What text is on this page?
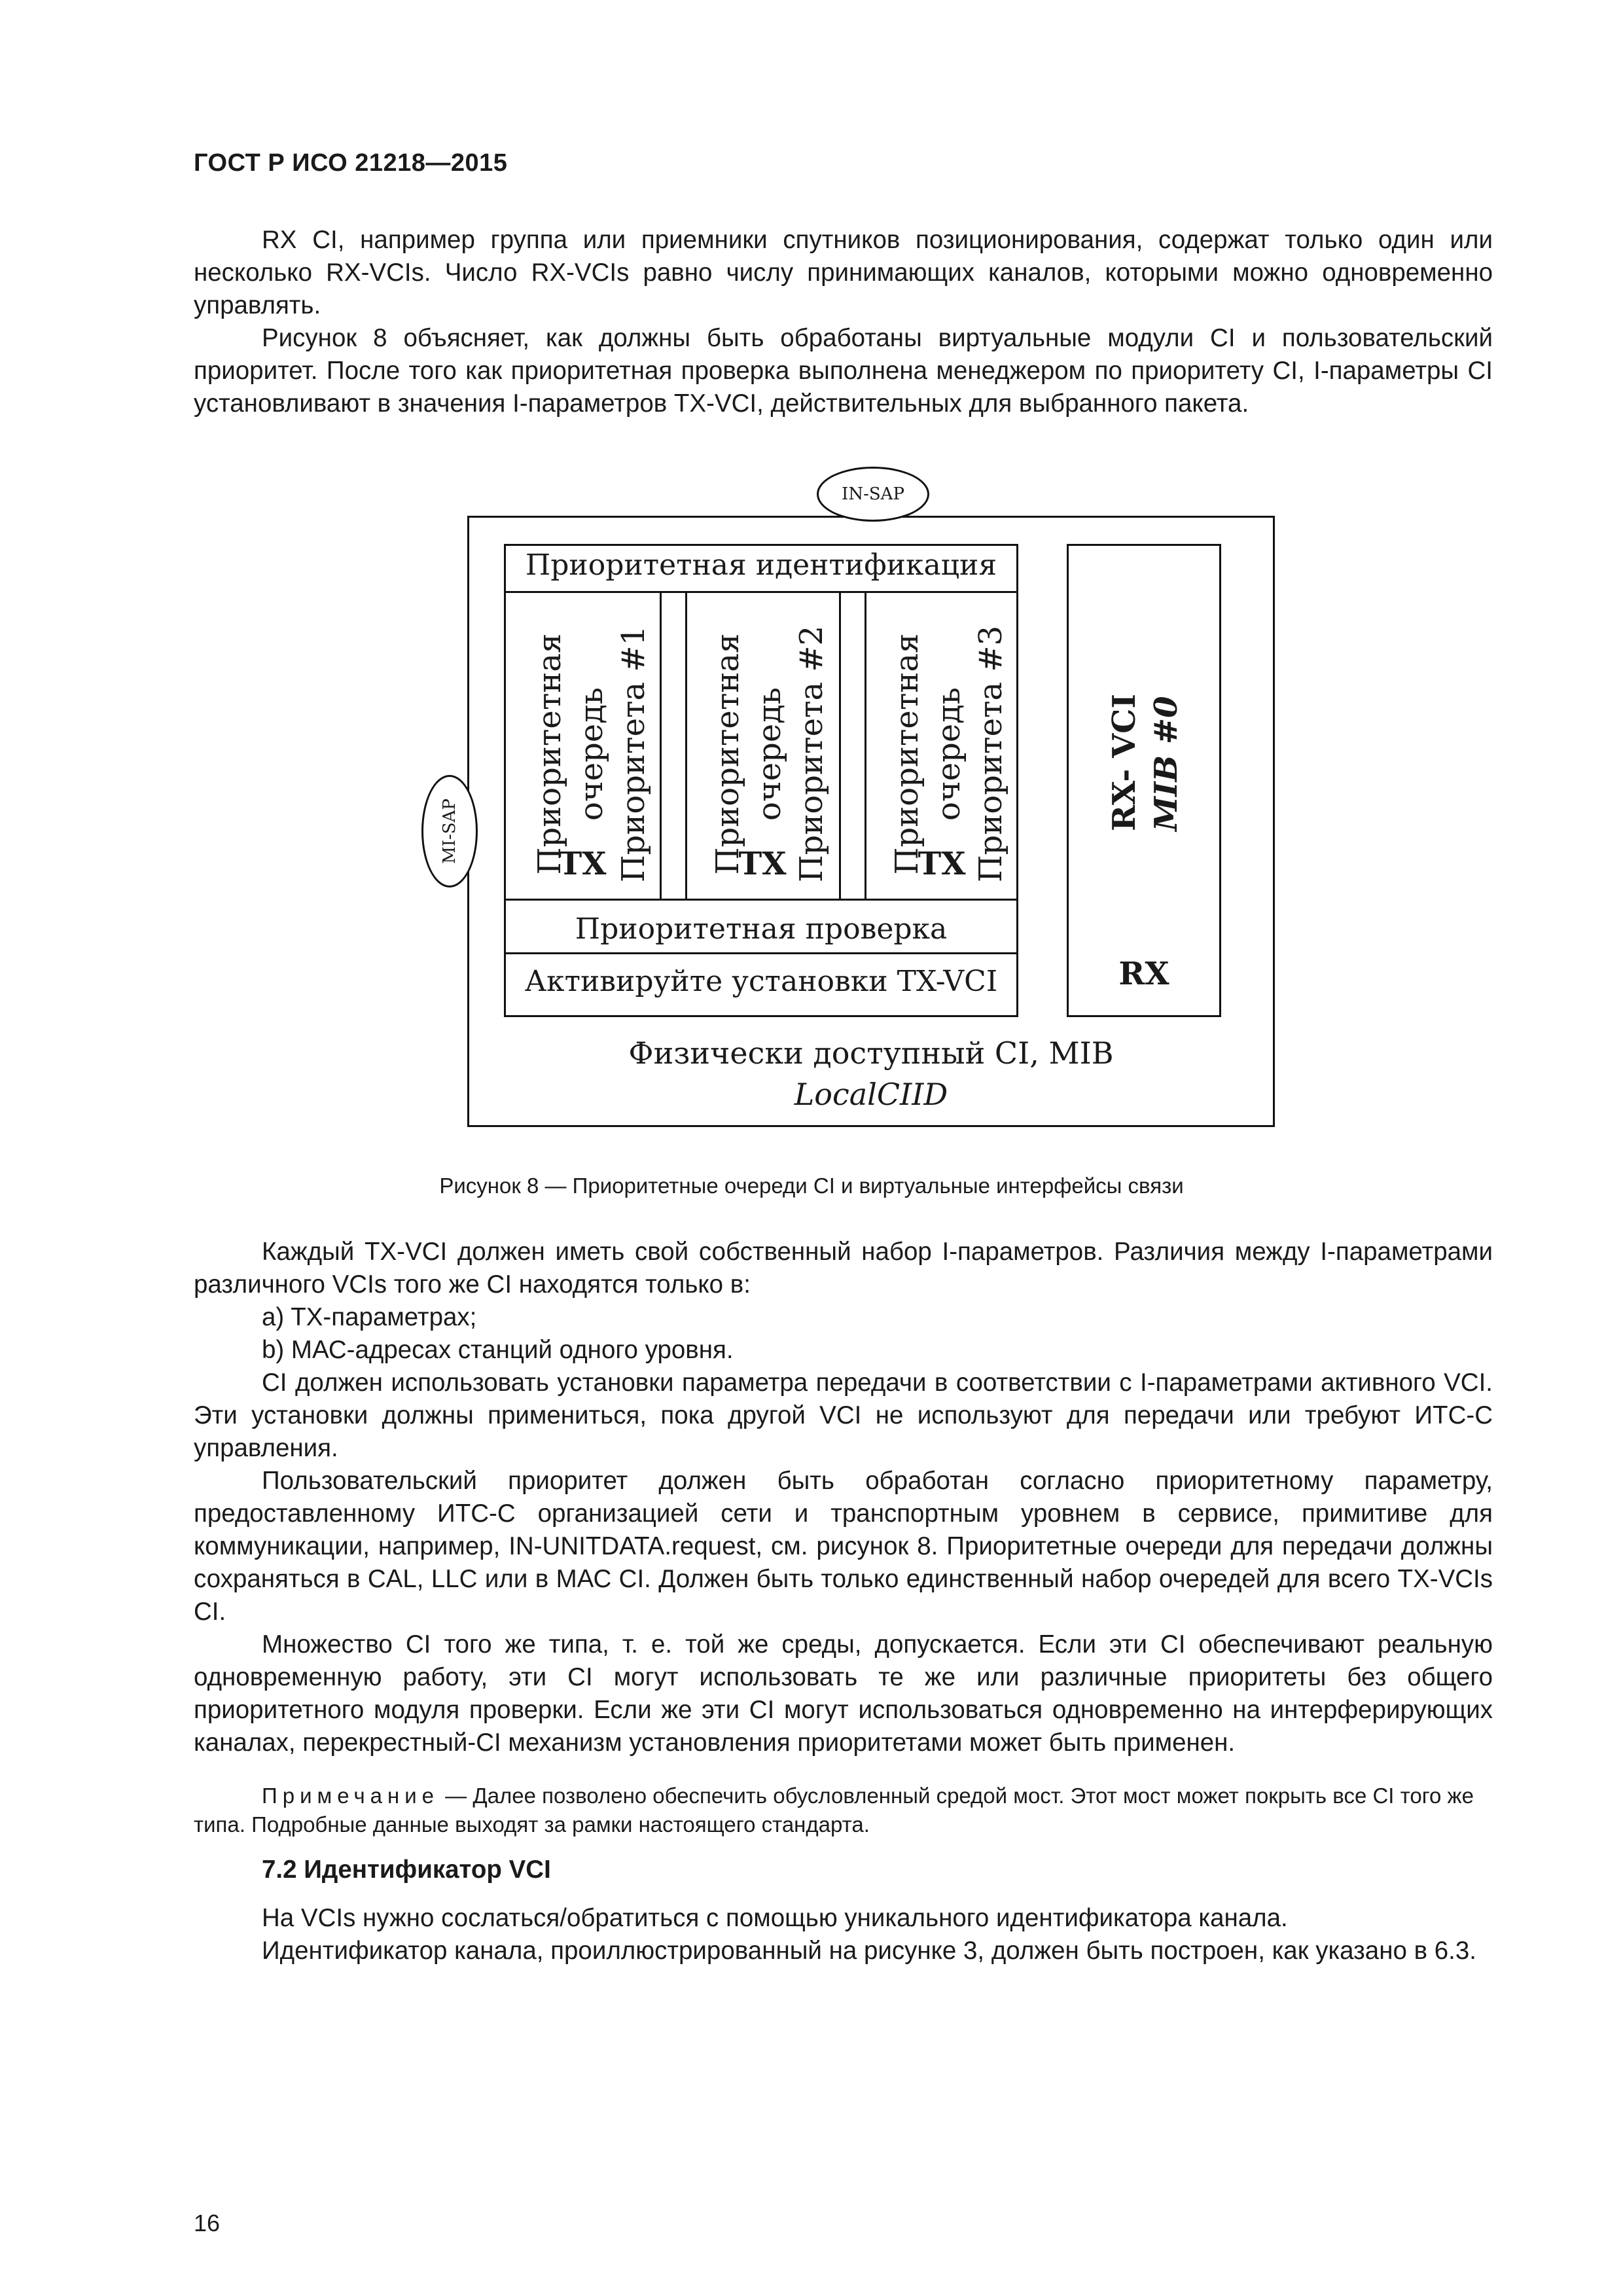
ГОСТ Р ИСО 21218—2015

RX CI, например группа или приемники спутников позиционирования, содержат только один или несколько RX-VCIs. Число RX-VCIs равно числу принимающих каналов, которыми можно одновременно управлять.

Рисунок 8 объясняет, как должны быть обработаны виртуальные модули CI и пользовательский приоритет. После того как приоритетная проверка выполнена менеджером по приоритету CI, I-параметры CI установливают в значения I-параметров TX-VCI, действительных для выбранного пакета.

IN-SAP
MI-SAP
Приоритетная идентификация
Приоритетная очередь Приоритета #1
TX	Приоритетная очередь Приоритета #2
TX	Приоритетная очередь Приоритета #3
TX
Приоритетная проверка
Активируйте установки TX-VCI
RX- VCI MIB #0
RX
Физически доступный CI, MIB
LocalCIID
Рисунок 8 — Приоритетные очереди CI и виртуальные интерфейсы связи

Каждый TX-VCI должен иметь свой собственный набор I-параметров. Различия между I-параметрами различного VCIs того же CI находятся только в:

a) TX-параметрах;

b) МАС-адресах станций одного уровня.

CI должен использовать установки параметра передачи в соответствии с I-параметрами активного VCI. Эти установки должны примениться, пока другой VCI не используют для передачи или требуют ИТС-С управления.

Пользовательский приоритет должен быть обработан согласно приоритетному параметру, предоставленному ИТС-С организацией сети и транспортным уровнем в сервисе, примитиве для коммуникации, например, IN-UNITDATA.request, см. рисунок 8. Приоритетные очереди для передачи должны сохраняться в CAL, LLC или в МАС CI. Должен быть только единственный набор очередей для всего TX-VCIs CI.

Множество CI того же типа, т. е. той же среды, допускается. Если эти CI обеспечивают реальную одновременную работу, эти CI могут использовать те же или различные приоритеты без общего приоритетного модуля проверки. Если же эти CI могут использоваться одновременно на интерферирующих каналах, перекрестный-CI механизм установления приоритетами может быть применен.

Примечание — Далее позволено обеспечить обусловленный средой мост. Этот мост может покрыть все CI того же типа. Подробные данные выходят за рамки настоящего стандарта.
7.2 Идентификатор VCI

На VCIs нужно сослаться/обратиться с помощью уникального идентификатора канала.

Идентификатор канала, проиллюстрированный на рисунке 3, должен быть построен, как указано в 6.3.

16
